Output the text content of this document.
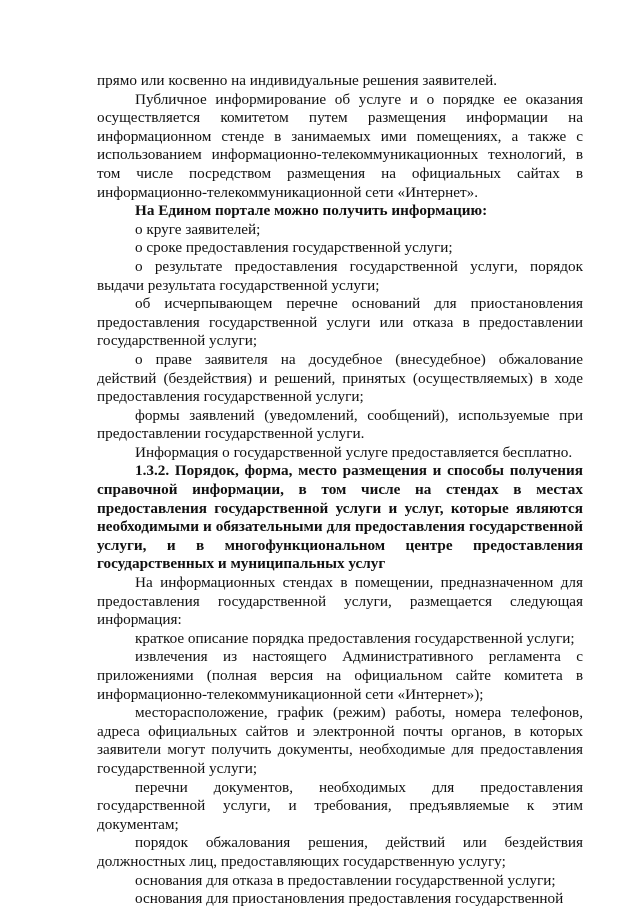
прямо или косвенно на индивидуальные решения заявителей.

Публичное информирование об услуге и о порядке ее оказания осуществляется комитетом путем размещения информации на информационном стенде в занимаемых ими помещениях, а также с использованием информационно-телекоммуникационных технологий, в том числе посредством размещения на официальных сайтах в информационно-телекоммуникационной сети «Интернет».

На Едином портале можно получить информацию:

о круге заявителей;

о сроке предоставления государственной услуги;

о результате предоставления государственной услуги, порядок выдачи результата государственной услуги;

об исчерпывающем перечне оснований для приостановления предоставления государственной услуги или отказа в предоставлении государственной услуги;

о праве заявителя на досудебное (внесудебное) обжалование действий (бездействия) и решений, принятых (осуществляемых) в ходе предоставления государственной услуги;

формы заявлений (уведомлений, сообщений), используемые при предоставлении государственной услуги.

Информация о государственной услуге предоставляется бесплатно.

1.3.2. Порядок, форма, место размещения и способы получения справочной информации, в том числе на стендах в местах предоставления государственной услуги и услуг, которые являются необходимыми и обязательными для предоставления государственной услуги, и в многофункциональном центре предоставления государственных и муниципальных услуг

На информационных стендах в помещении, предназначенном для предоставления государственной услуги, размещается следующая информация:

краткое описание порядка предоставления государственной услуги;

извлечения из настоящего Административного регламента с приложениями (полная версия на официальном сайте комитета в информационно-телекоммуникационной сети «Интернет»);

месторасположение, график (режим) работы, номера телефонов, адреса официальных сайтов и электронной почты органов, в которых заявители могут получить документы, необходимые для предоставления государственной услуги;

перечни документов, необходимых для предоставления государственной услуги, и требования, предъявляемые к этим документам;

порядок обжалования решения, действий или бездействия должностных лиц, предоставляющих государственную услугу;

основания для отказа в предоставлении государственной услуги;

основания для приостановления предоставления государственной
